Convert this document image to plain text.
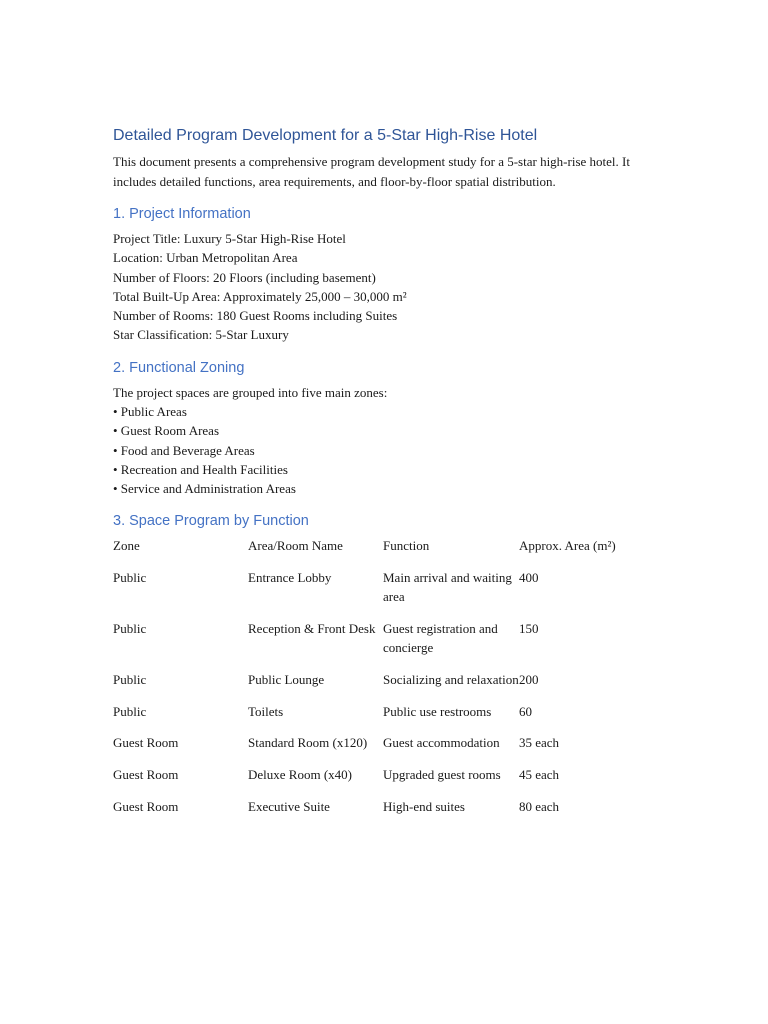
Detailed Program Development for a 5-Star High-Rise Hotel

This document presents a comprehensive program development study for a 5-star high-rise hotel. It includes detailed functions, area requirements, and floor-by-floor spatial distribution.

1. Project Information
Project Title: Luxury 5-Star High-Rise Hotel
Location: Urban Metropolitan Area
Number of Floors: 20 Floors (including basement)
Total Built-Up Area: Approximately 25,000 – 30,000 m²
Number of Rooms: 180 Guest Rooms including Suites
Star Classification: 5-Star Luxury
2. Functional Zoning
The project spaces are grouped into five main zones:
• Public Areas
• Guest Room Areas
• Food and Beverage Areas
• Recreation and Health Facilities
• Service and Administration Areas
3. Space Program by Function
Zone	Area/Room Name	Function	Approx. Area (m²)
Public	Entrance Lobby	Main arrival and waiting area	400
Public	Reception & Front Desk	Guest registration and concierge	150
Public	Public Lounge	Socializing and relaxation	200
Public	Toilets	Public use restrooms	60
Guest Room	Standard Room (x120)	Guest accommodation	35 each
Guest Room	Deluxe Room (x40)	Upgraded guest rooms	45 each
Guest Room	Executive Suite	High-end suites	80 each
